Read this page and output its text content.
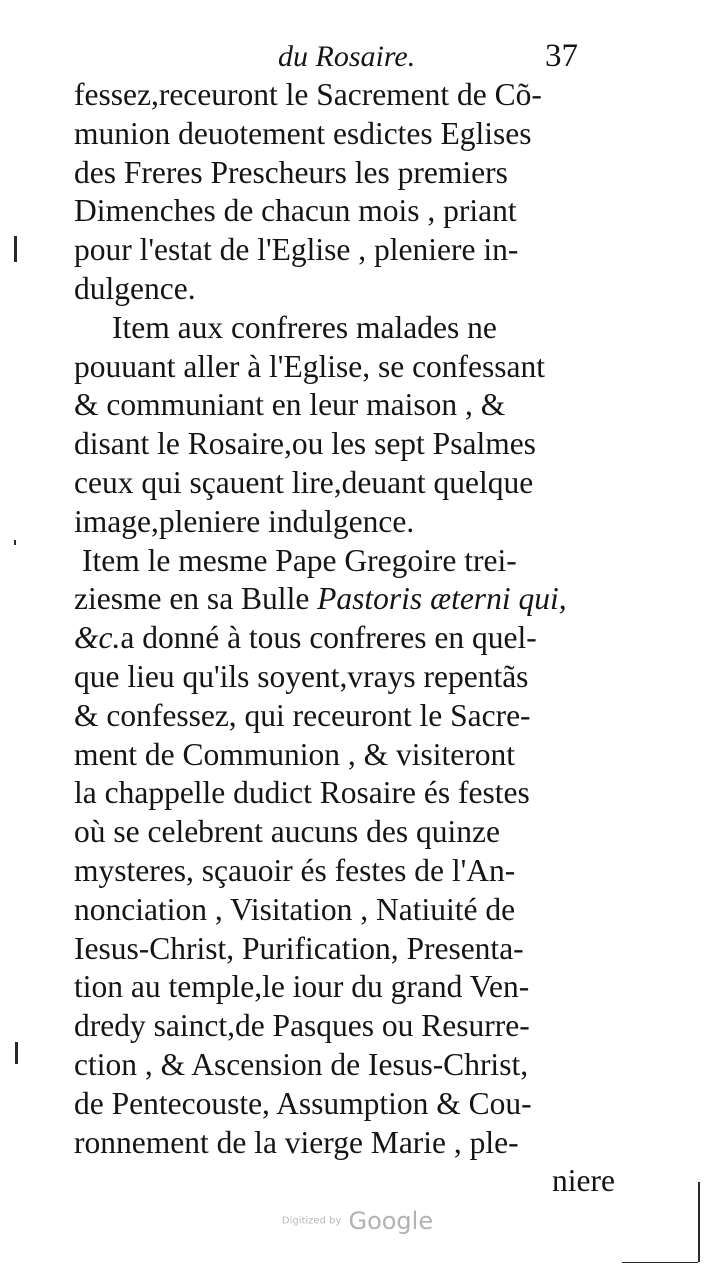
du Rosaire.	37
fessez,receuront le Sacrement de Cõ-
munion deuotement esdictes Eglises
des Freres Prescheurs les premiers
Dimenches de chacun mois , priant
pour l'estat de l'Eglise , pleniere in-
dulgence.
Item aux confreres malades ne
pouuant aller à l'Eglise, se confessant
& communiant en leur maison , &
disant le Rosaire,ou les sept Psalmes
ceux qui sçauent lire,deuant quelque
image,pleniere indulgence.
Item le mesme Pape Gregoire trei-
ziesme en sa Bulle Pastoris æterni qui,
&c.a donné à tous confreres en quel-
que lieu qu'ils soyent,vrays repentãs
& confessez, qui receuront le Sacre-
ment de Communion , & visiteront
la chappelle dudict Rosaire és festes
où se celebrent aucuns des quinze
mysteres, sçauoir és festes de l'An-
nonciation , Visitation , Natiuité de
Iesus-Christ, Purification, Presenta-
tion au temple,le iour du grand Ven-
dredy sainct,de Pasques ou Resurre-
ction , & Ascension de Iesus-Christ,
de Pentecouste, Assumption & Cou-
ronnement de la vierge Marie , ple-
niere
Digitized by Google
